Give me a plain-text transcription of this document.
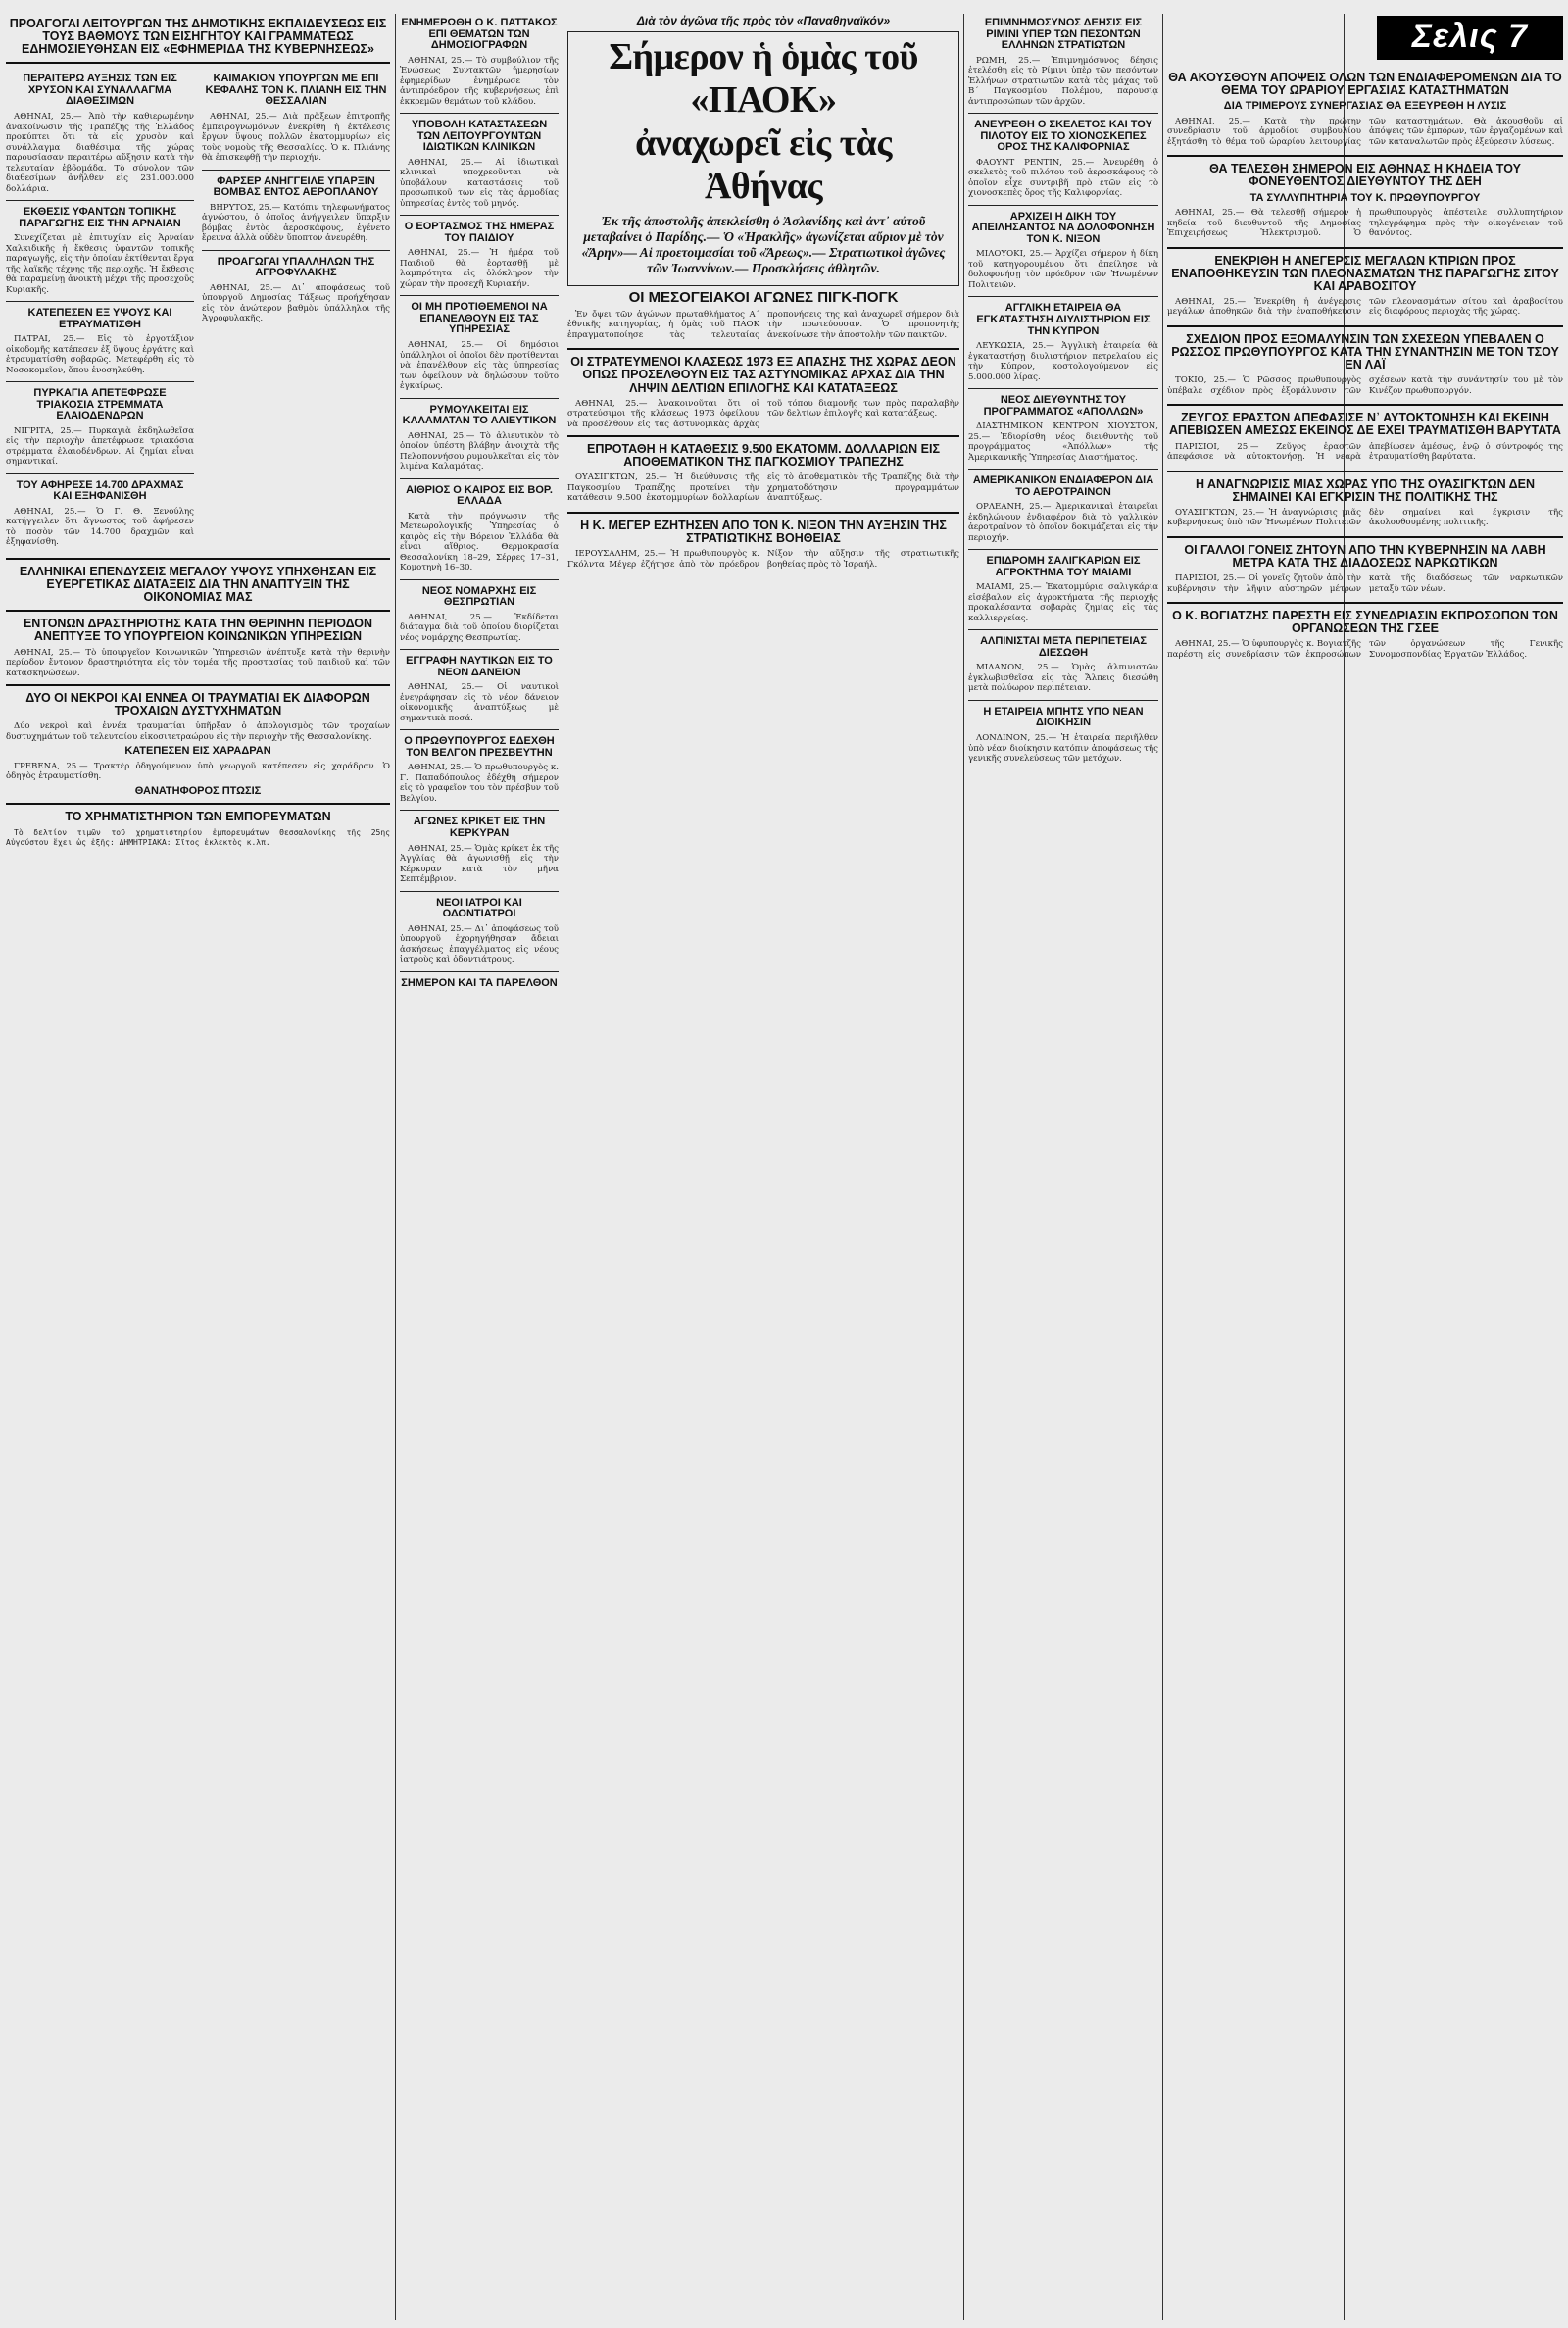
ΠΡΟΑΓΟΓΑΙ ΛΕΙΤΟΥΡΓΩΝ ΤΗΣ ΔΗΜΟΤΙΚΗΣ ΕΚΠΑΙΔΕΥΣΕΩΣ ΕΙΣ ΤΟΥΣ ΒΑΘΜΟΥΣ ΤΩΝ ΕΙΣΗΓΗΤΟΥ ΚΑΙ ΓΡΑΜΜΑΤΕΩΣ ΕΔΗΜΟΣΙΕΥΘΗΣΑΝ ΕΙΣ «ΕΦΗΜΕΡΙΔΑ ΤΗΣ ΚΥΒΕΡΝΗΣΕΩΣ»
ΠΕΡΑΙΤΕΡΩ ΑΥΞΗΣΙΣ ΤΩΝ ΕΙΣ ΧΡΥΣΟΝ ΚΑΙ ΣΥΝΑΛΛΑΓΜΑ ΔΙΑΘΕΣΙΜΩΝ

ΑΘΗΝΑΙ, 25.— Ἀπὸ τὴν καθιερωμένην ἀνακοίνωσιν τῆς Τραπέζης τῆς Ἑλλάδος προκύπτει ὅτι τὰ εἰς χρυσὸν καὶ συνάλλαγμα διαθέσιμα τῆς χώρας παρουσίασαν περαιτέρω αὔξησιν κατὰ τὴν τελευταίαν ἑβδομάδα. Τὸ σύνολον τῶν διαθεσίμων ἀνῆλθεν εἰς 231.000.000 δολλάρια.

ΕΚΘΕΣΙΣ ΥΦΑΝΤΩΝ ΤΟΠΙΚΗΣ ΠΑΡΑΓΩΓΗΣ ΕΙΣ ΤΗΝ ΑΡΝΑΙΑΝ

Συνεχίζεται μὲ ἐπιτυχίαν εἰς Ἀρναίαν Χαλκιδικῆς ἡ ἔκθεσις ὑφαντῶν τοπικῆς παραγωγῆς, εἰς τὴν ὁποίαν ἐκτίθενται ἔργα τῆς λαϊκῆς τέχνης τῆς περιοχῆς. Ἡ ἔκθεσις θὰ παραμείνῃ ἀνοικτὴ μέχρι τῆς προσεχοῦς Κυριακῆς.

ΚΑΤΕΠΕΣΕΝ ΕΞ ΥΨΟΥΣ ΚΑΙ ΕΤΡΑΥΜΑΤΙΣΘΗ

ΠΑΤΡΑΙ, 25.— Εἰς τὸ ἐργοτάξιον οἰκοδομῆς κατέπεσεν ἐξ ὕψους ἐργάτης καὶ ἐτραυματίσθη σοβαρῶς. Μετεφέρθη εἰς τὸ Νοσοκομεῖον, ὅπου ἐνοσηλεύθη.

ΠΥΡΚΑΓΙΑ ΑΠΕΤΕΦΡΩΣΕ ΤΡΙΑΚΟΣΙΑ ΣΤΡΕΜΜΑΤΑ ΕΛΑΙΟΔΕΝΔΡΩΝ

ΝΙΓΡΙΤΑ, 25.— Πυρκαγιὰ ἐκδηλωθεῖσα εἰς τὴν περιοχὴν ἀπετέφρωσε τριακόσια στρέμματα ἐλαιοδένδρων. Αἱ ζημίαι εἶναι σημαντικαί.

ΤΟΥ ΑΦΗΡΕΣΕ 14.700 ΔΡΑΧΜΑΣ ΚΑΙ ΕΞΗΦΑΝΙΣΘΗ

ΑΘΗΝΑΙ, 25.— Ὁ Γ. Θ. Ξενούλης κατήγγειλεν ὅτι ἄγνωστος τοῦ ἀφήρεσεν τὸ ποσὸν τῶν 14.700 δραχμῶν καὶ ἐξηφανίσθη.

ΚΑΙΜΑΚΙΟΝ ΥΠΟΥΡΓΩΝ ΜΕ ΕΠΙ ΚΕΦΑΛΗΣ ΤΟΝ Κ. ΠΛΙΑΝΗ ΕΙΣ ΤΗΝ ΘΕΣΣΑΛΙΑΝ

ΑΘΗΝΑΙ, 25.— Διὰ πρᾶξεων ἐπιτροπῆς ἐμπειρογνωμόνων ἐνεκρίθη ἡ ἐκτέλεσις ἔργων ὕψους πολλῶν ἑκατομμυρίων εἰς τοὺς νομοὺς τῆς Θεσσαλίας. Ὁ κ. Πλιάνης θὰ ἐπισκεφθῇ τὴν περιοχήν.

ΦΑΡΣΕΡ ΑΝΗΓΓΕΙΛΕ ΥΠΑΡΞΙΝ ΒΟΜΒΑΣ ΕΝΤΟΣ ΑΕΡΟΠΛΑΝΟΥ

ΒΗΡΥΤΟΣ, 25.— Κατόπιν τηλεφωνήματος ἀγνώστου, ὁ ὁποῖος ἀνήγγειλεν ὕπαρξιν βόμβας ἐντὸς ἀεροσκάφους, ἐγένετο ἔρευνα ἀλλὰ οὐδὲν ὕποπτον ἀνευρέθη.

ΠΡΟΑΓΩΓΑΙ ΥΠΑΛΛΗΛΩΝ ΤΗΣ ΑΓΡΟΦΥΛΑΚΗΣ

ΑΘΗΝΑΙ, 25.— Δι᾽ ἀποφάσεως τοῦ ὑπουργοῦ Δημοσίας Τάξεως προήχθησαν εἰς τὸν ἀνώτερον βαθμὸν ὑπάλληλοι τῆς Ἀγροφυλακῆς.

ΕΛΛΗΝΙΚΑΙ ΕΠΕΝΔΥΣΕΙΣ ΜΕΓΑΛΟΥ ΥΨΟΥΣ ΥΠΗΧΘΗΣΑΝ ΕΙΣ ΕΥΕΡΓΕΤΙΚΑΣ ΔΙΑΤΑΞΕΙΣ ΔΙΑ ΤΗΝ ΑΝΑΠΤΥΞΙΝ ΤΗΣ ΟΙΚΟΝΟΜΙΑΣ ΜΑΣ
ΕΝΤΟΝΩΝ ΔΡΑΣΤΗΡΙΟΤΗΣ ΚΑΤΑ ΤΗΝ ΘΕΡΙΝΗΝ ΠΕΡΙΟΔΟΝ ΑΝΕΠΤΥΞΕ ΤΟ ΥΠΟΥΡΓΕΙΟΝ ΚΟΙΝΩΝΙΚΩΝ ΥΠΗΡΕΣΙΩΝ

ΑΘΗΝΑΙ, 25.— Τὸ ὑπουργεῖον Κοινωνικῶν Ὑπηρεσιῶν ἀνέπτυξε κατὰ τὴν θερινὴν περίοδον ἔντονον δραστηριότητα εἰς τὸν τομέα τῆς προστασίας τοῦ παιδιοῦ καὶ τῶν κατασκηνώσεων.

ΔΥΟ ΟΙ ΝΕΚΡΟΙ ΚΑΙ ΕΝΝΕΑ ΟΙ ΤΡΑΥΜΑΤΙΑΙ ΕΚ ΔΙΑΦΟΡΩΝ ΤΡΟΧΑΙΩΝ ΔΥΣΤΥΧΗΜΑΤΩΝ

Δύο νεκροὶ καὶ ἐννέα τραυματίαι ὑπῆρξαν ὁ ἀπολογισμὸς τῶν τροχαίων δυστυχημάτων τοῦ τελευταίου εἰκοσιτετραώρου εἰς τὴν περιοχὴν τῆς Θεσσαλονίκης.

ΚΑΤΕΠΕΣΕΝ ΕΙΣ ΧΑΡΑΔΡΑΝ

ΓΡΕΒΕΝΑ, 25.— Τρακτὲρ ὁδηγούμενον ὑπὸ γεωργοῦ κατέπεσεν εἰς χαράδραν. Ὁ ὁδηγὸς ἐτραυματίσθη.

ΘΑΝΑΤΗΦΟΡΟΣ ΠΤΩΣΙΣ
ΤΟ ΧΡΗΜΑΤΙΣΤΗΡΙΟΝ ΤΩΝ ΕΜΠΟΡΕΥΜΑΤΩΝ

Τὸ δελτίον τιμῶν τοῦ χρηματιστηρίου ἐμπορευμάτων Θεσσαλονίκης τῆς 25ης Αὐγούστου ἔχει ὡς ἑξῆς: ΔΗΜΗΤΡΙΑΚΑ: Σῖτος ἐκλεκτὸς κ.λπ.

ΕΝΗΜΕΡΩΘΗ Ο Κ. ΠΑΤΤΑΚΟΣ ΕΠΙ ΘΕΜΑΤΩΝ ΤΩΝ ΔΗΜΟΣΙΟΓΡΑΦΩΝ

ΑΘΗΝΑΙ, 25.— Τὸ συμβούλιον τῆς Ἑνώσεως Συντακτῶν ἡμερησίων ἐφημερίδων ἐνημέρωσε τὸν ἀντιπρόεδρον τῆς κυβερνήσεως ἐπὶ ἐκκρεμῶν θεμάτων τοῦ κλάδου.

ΥΠΟΒΟΛΗ ΚΑΤΑΣΤΑΣΕΩΝ ΤΩΝ ΛΕΙΤΟΥΡΓΟΥΝΤΩΝ ΙΔΙΩΤΙΚΩΝ ΚΛΙΝΙΚΩΝ

ΑΘΗΝΑΙ, 25.— Αἱ ἰδιωτικαὶ κλινικαὶ ὑποχρεοῦνται νὰ ὑποβάλουν καταστάσεις τοῦ προσωπικοῦ των εἰς τὰς ἁρμοδίας ὑπηρεσίας ἐντὸς τοῦ μηνός.

Ο ΕΟΡΤΑΣΜΟΣ ΤΗΣ ΗΜΕΡΑΣ ΤΟΥ ΠΑΙΔΙΟΥ

ΑΘΗΝΑΙ, 25.— Ἡ ἡμέρα τοῦ Παιδιοῦ θὰ ἑορτασθῇ μὲ λαμπρότητα εἰς ὁλόκληρον τὴν χώραν τὴν προσεχῆ Κυριακήν.

ΟΙ ΜΗ ΠΡΟΤΙΘΕΜΕΝΟΙ ΝΑ ΕΠΑΝΕΛΘΟΥΝ ΕΙΣ ΤΑΣ ΥΠΗΡΕΣΙΑΣ

ΑΘΗΝΑΙ, 25.— Οἱ δημόσιοι ὑπάλληλοι οἱ ὁποῖοι δὲν προτίθενται νὰ ἐπανέλθουν εἰς τὰς ὑπηρεσίας των ὀφείλουν νὰ δηλώσουν τοῦτο ἐγκαίρως.

ΡΥΜΟΥΛΚΕΙΤΑΙ ΕΙΣ ΚΑΛΑΜΑΤΑΝ ΤΟ ΑΛΙΕΥΤΙΚΟΝ

ΑΘΗΝΑΙ, 25.— Τὸ ἁλιευτικὸν τὸ ὁποῖον ὑπέστη βλάβην ἀνοιχτὰ τῆς Πελοποννήσου ρυμουλκεῖται εἰς τὸν λιμένα Καλαμάτας.

ΑΙΘΡΙΟΣ Ο ΚΑΙΡΟΣ ΕΙΣ ΒΟΡ. ΕΛΛΑΔΑ

Κατὰ τὴν πρόγνωσιν τῆς Μετεωρολογικῆς Ὑπηρεσίας ὁ καιρὸς εἰς τὴν Βόρειον Ἑλλάδα θὰ εἶναι αἴθριος. Θερμοκρασία Θεσσαλονίκη 18–29, Σέρρες 17–31, Κομοτηνὴ 16–30.

ΝΕΟΣ ΝΟΜΑΡΧΗΣ ΕΙΣ ΘΕΣΠΡΩΤΙΑΝ

ΑΘΗΝΑΙ, 25.— Ἐκδίδεται διάταγμα διὰ τοῦ ὁποίου διορίζεται νέος νομάρχης Θεσπρωτίας.

ΕΓΓΡΑΦΗ ΝΑΥΤΙΚΩΝ ΕΙΣ ΤΟ ΝΕΟΝ ΔΑΝΕΙΟΝ

ΑΘΗΝΑΙ, 25.— Οἱ ναυτικοὶ ἐνεγράφησαν εἰς τὸ νέον δάνειον οἰκονομικῆς ἀναπτύξεως μὲ σημαντικὰ ποσά.

Ο ΠΡΩΘΥΠΟΥΡΓΟΣ ΕΔΕΧΘΗ ΤΟΝ ΒΕΛΓΟΝ ΠΡΕΣΒΕΥΤΗΝ

ΑΘΗΝΑΙ, 25.— Ὁ πρωθυπουργὸς κ. Γ. Παπαδόπουλος ἐδέχθη σήμερον εἰς τὸ γραφεῖον του τὸν πρέσβυν τοῦ Βελγίου.

ΑΓΩΝΕΣ ΚΡΙΚΕΤ ΕΙΣ ΤΗΝ ΚΕΡΚΥΡΑΝ

ΑΘΗΝΑΙ, 25.— Ὁμὰς κρίκετ ἐκ τῆς Ἀγγλίας θὰ ἀγωνισθῇ εἰς τὴν Κέρκυραν κατὰ τὸν μῆνα Σεπτέμβριον.

ΝΕΟΙ ΙΑΤΡΟΙ ΚΑΙ ΟΔΟΝΤΙΑΤΡΟΙ

ΑΘΗΝΑΙ, 25.— Δι᾽ ἀποφάσεως τοῦ ὑπουργοῦ ἐχορηγήθησαν ἄδειαι ἀσκήσεως ἐπαγγέλματος εἰς νέους ἰατροὺς καὶ ὀδοντιάτρους.

ΣΗΜΕΡΟΝ ΚΑΙ ΤΑ ΠΑΡΕΛΘΟΝ
Διὰ τὸν ἀγῶνα τῆς πρὸς τὸν «Παναθηναϊκόν»
Σήμερον ἡ ὁμὰς τοῦ «ΠΑΟΚ»
ἀναχωρεῖ εἰς τὰς Ἀθήνας
Ἐκ τῆς ἀποστολῆς ἀπεκλείσθη ὁ Ἀσλανίδης καὶ ἀντ᾽ αὐτοῦ μεταβαίνει ὁ Παρίδης.— Ὁ «Ἡρακλῆς» ἀγωνίζεται αὔριον μὲ τὸν «Ἄρην»— Αἱ προετοιμασίαι τοῦ «Ἄρεως».— Στρατιωτικοὶ ἀγῶνες τῶν Ἰωαννίνων.— Προσκλήσεις ἀθλητῶν.
ΟΙ ΜΕΣΟΓΕΙΑΚΟΙ ΑΓΩΝΕΣ ΠΙΓΚ-ΠΟΓΚ

Ἐν ὄψει τῶν ἀγώνων πρωταθλήματος Α΄ ἐθνικῆς κατηγορίας, ἡ ὁμὰς τοῦ ΠΑΟΚ ἐπραγματοποίησε τὰς τελευταίας προπονήσεις της καὶ ἀναχωρεῖ σήμερον διὰ τὴν πρωτεύουσαν. Ὁ προπονητὴς ἀνεκοίνωσε τὴν ἀποστολὴν τῶν παικτῶν.

ΟΙ ΣΤΡΑΤΕΥΜΕΝΟΙ ΚΛΑΣΕΩΣ 1973 ΕΞ ΑΠΑΣΗΣ ΤΗΣ ΧΩΡΑΣ ΔΕΟΝ ΟΠΩΣ ΠΡΟΣΕΛΘΟΥΝ ΕΙΣ ΤΑΣ ΑΣΤΥΝΟΜΙΚΑΣ ΑΡΧΑΣ ΔΙΑ ΤΗΝ ΛΗΨΙΝ ΔΕΛΤΙΩΝ ΕΠΙΛΟΓΗΣ ΚΑΙ ΚΑΤΑΤΑΞΕΩΣ

ΑΘΗΝΑΙ, 25.— Ἀνακοινοῦται ὅτι οἱ στρατεύσιμοι τῆς κλάσεως 1973 ὀφείλουν νὰ προσέλθουν εἰς τὰς ἀστυνομικὰς ἀρχὰς τοῦ τόπου διαμονῆς των πρὸς παραλαβὴν τῶν δελτίων ἐπιλογῆς καὶ κατατάξεως.

ΕΠΡΟΤΑΘΗ Η ΚΑΤΑΘΕΣΙΣ 9.500 ΕΚΑΤΟΜΜ. ΔΟΛΛΑΡΙΩΝ ΕΙΣ ΑΠΟΘΕΜΑΤΙΚΟΝ ΤΗΣ ΠΑΓΚΟΣΜΙΟΥ ΤΡΑΠΕΖΗΣ

ΟΥΑΣΙΓΚΤΩΝ, 25.— Ἡ διεύθυνσις τῆς Παγκοσμίου Τραπέζης προτείνει τὴν κατάθεσιν 9.500 ἑκατομμυρίων δολλαρίων εἰς τὸ ἀποθεματικὸν τῆς Τραπέζης διὰ τὴν χρηματοδότησιν προγραμμάτων ἀναπτύξεως.

Η Κ. ΜΕΓΕΡ ΕΖΗΤΗΣΕΝ ΑΠΟ ΤΟΝ Κ. ΝΙΞΟΝ ΤΗΝ ΑΥΞΗΣΙΝ ΤΗΣ ΣΤΡΑΤΙΩΤΙΚΗΣ ΒΟΗΘΕΙΑΣ

ΙΕΡΟΥΣΑΛΗΜ, 25.— Ἡ πρωθυπουργὸς κ. Γκόλντα Μέγερ ἐζήτησε ἀπὸ τὸν πρόεδρον Νίξον τὴν αὔξησιν τῆς στρατιωτικῆς βοηθείας πρὸς τὸ Ἰσραήλ.

ΕΠΙΜΝΗΜΟΣΥΝΟΣ ΔΕΗΣΙΣ ΕΙΣ ΡΙΜΙΝΙ ΥΠΕΡ ΤΩΝ ΠΕΣΟΝΤΩΝ ΕΛΛΗΝΩΝ ΣΤΡΑΤΙΩΤΩΝ

ΡΩΜΗ, 25.— Ἐπιμνημόσυνος δέησις ἐτελέσθη εἰς τὸ Ρίμινι ὑπὲρ τῶν πεσόντων Ἑλλήνων στρατιωτῶν κατὰ τὰς μάχας τοῦ Β΄ Παγκοσμίου Πολέμου, παρουσίᾳ ἀντιπροσώπων τῶν ἀρχῶν.

ΑΝΕΥΡΕΘΗ Ο ΣΚΕΛΕΤΟΣ ΚΑΙ ΤΟΥ ΠΙΛΟΤΟΥ ΕΙΣ ΤΟ ΧΙΟΝΟΣΚΕΠΕΣ ΟΡΟΣ ΤΗΣ ΚΑΛΙΦΟΡΝΙΑΣ

ΦΑΟΥΝΤ ΡΕΝΤΙΝ, 25.— Ἀνευρέθη ὁ σκελετὸς τοῦ πιλότου τοῦ ἀεροσκάφους τὸ ὁποῖον εἶχε συντριβῆ πρὸ ἐτῶν εἰς τὸ χιονοσκεπὲς ὄρος τῆς Καλιφορνίας.

ΑΡΧΙΖΕΙ Η ΔΙΚΗ ΤΟΥ ΑΠΕΙΛΗΣΑΝΤΟΣ ΝΑ ΔΟΛΟΦΟΝΗΣΗ ΤΟΝ Κ. ΝΙΞΟΝ

ΜΙΛΟΥΟΚΙ, 25.— Ἀρχίζει σήμερον ἡ δίκη τοῦ κατηγορουμένου ὅτι ἀπείλησε νὰ δολοφονήσῃ τὸν πρόεδρον τῶν Ἡνωμένων Πολιτειῶν.

ΑΓΓΛΙΚΗ ΕΤΑΙΡΕΙΑ ΘΑ ΕΓΚΑΤΑΣΤΗΣΗ ΔΙΥΛΙΣΤΗΡΙΟΝ ΕΙΣ ΤΗΝ ΚΥΠΡΟΝ

ΛΕΥΚΩΣΙΑ, 25.— Ἀγγλικὴ ἑταιρεία θὰ ἐγκαταστήσῃ διυλιστήριον πετρελαίου εἰς τὴν Κύπρον, κοστολογούμενον εἰς 5.000.000 λίρας.

ΝΕΟΣ ΔΙΕΥΘΥΝΤΗΣ ΤΟΥ ΠΡΟΓΡΑΜΜΑΤΟΣ «ΑΠΟΛΛΩΝ»

ΔΙΑΣΤΗΜΙΚΟΝ ΚΕΝΤΡΟΝ ΧΙΟΥΣΤΟΝ, 25.— Ἐδιορίσθη νέος διευθυντὴς τοῦ προγράμματος «Ἀπόλλων» τῆς Ἀμερικανικῆς Ὑπηρεσίας Διαστήματος.

ΑΜΕΡΙΚΑΝΙΚΟΝ ΕΝΔΙΑΦΕΡΟΝ ΔΙΑ ΤΟ ΑΕΡΟΤΡΑΙΝΟΝ

ΟΡΛΕΑΝΗ, 25.— Ἀμερικανικαὶ ἑταιρεῖαι ἐκδηλώνουν ἐνδιαφέρον διὰ τὸ γαλλικὸν ἀεροτραῖνον τὸ ὁποῖον δοκιμάζεται εἰς τὴν περιοχήν.

ΕΠΙΔΡΟΜΗ ΣΑΛΙΓΚΑΡΙΩΝ ΕΙΣ ΑΓΡΟΚΤΗΜΑ ΤΟΥ ΜΑΙΑΜΙ

ΜΑΙΑΜΙ, 25.— Ἑκατομμύρια σαλιγκάρια εἰσέβαλον εἰς ἀγροκτήματα τῆς περιοχῆς προκαλέσαντα σοβαρὰς ζημίας εἰς τὰς καλλιεργείας.

ΑΛΠΙΝΙΣΤΑΙ ΜΕΤΑ ΠΕΡΙΠΕΤΕΙΑΣ ΔΙΕΣΩΘΗ

ΜΙΛΑΝΟΝ, 25.— Ὁμὰς ἀλπινιστῶν ἐγκλωβισθεῖσα εἰς τὰς Ἄλπεις διεσώθη μετὰ πολύωρον περιπέτειαν.

Η ΕΤΑΙΡΕΙΑ ΜΠΗΤΣ ΥΠΟ ΝΕΑΝ ΔΙΟΙΚΗΣΙΝ

ΛΟΝΔΙΝΟΝ, 25.— Ἡ ἑταιρεία περιῆλθεν ὑπὸ νέαν διοίκησιν κατόπιν ἀποφάσεως τῆς γενικῆς συνελεύσεως τῶν μετόχων.

Σελις 7
ΘΑ ΑΚΟΥΣΘΟΥΝ ΑΠΟΨΕΙΣ ΟΛΩΝ ΤΩΝ ΕΝΔΙΑΦΕΡΟΜΕΝΩΝ ΔΙΑ ΤΟ ΘΕΜΑ ΤΟΥ ΩΡΑΡΙΟΥ ΕΡΓΑΣΙΑΣ ΚΑΤΑΣΤΗΜΑΤΩΝ
ΔΙΑ ΤΡΙΜΕΡΟΥΣ ΣΥΝΕΡΓΑΣΙΑΣ ΘΑ ΕΞΕΥΡΕΘΗ Η ΛΥΣΙΣ

ΑΘΗΝΑΙ, 25.— Κατὰ τὴν πρώτην συνεδρίασιν τοῦ ἁρμοδίου συμβουλίου ἐξητάσθη τὸ θέμα τοῦ ὡραρίου λειτουργίας τῶν καταστημάτων. Θὰ ἀκουσθοῦν αἱ ἀπόψεις τῶν ἐμπόρων, τῶν ἐργαζομένων καὶ τῶν καταναλωτῶν πρὸς ἐξεύρεσιν λύσεως.

ΘΑ ΤΕΛΕΣΘΗ ΣΗΜΕΡΟΝ ΕΙΣ ΑΘΗΝΑΣ Η ΚΗΔΕΙΑ ΤΟΥ ΦΟΝΕΥΘΕΝΤΟΣ ΔΙΕΥΘΥΝΤΟΥ ΤΗΣ ΔΕΗ
ΤΑ ΣΥΛΛΥΠΗΤΗΡΙΑ ΤΟΥ Κ. ΠΡΩΘΥΠΟΥΡΓΟΥ

ΑΘΗΝΑΙ, 25.— Θὰ τελεσθῇ σήμερον ἡ κηδεία τοῦ διευθυντοῦ τῆς Δημοσίας Ἐπιχειρήσεως Ἠλεκτρισμοῦ. Ὁ πρωθυπουργὸς ἀπέστειλε συλλυπητήριον τηλεγράφημα πρὸς τὴν οἰκογένειαν τοῦ θανόντος.

ΕΝΕΚΡΙΘΗ Η ΑΝΕΓΕΡΣΙΣ ΜΕΓΑΛΩΝ ΚΤΙΡΙΩΝ ΠΡΟΣ ΕΝΑΠΟΘΗΚΕΥΣΙΝ ΤΩΝ ΠΛΕΟΝΑΣΜΑΤΩΝ ΤΗΣ ΠΑΡΑΓΩΓΗΣ ΣΙΤΟΥ ΚΑΙ ΑΡΑΒΟΣΙΤΟΥ

ΑΘΗΝΑΙ, 25.— Ἐνεκρίθη ἡ ἀνέγερσις μεγάλων ἀποθηκῶν διὰ τὴν ἐναποθήκευσιν τῶν πλεονασμάτων σίτου καὶ ἀραβοσίτου εἰς διαφόρους περιοχὰς τῆς χώρας.

ΣΧΕΔΙΟΝ ΠΡΟΣ ΕΞΟΜΑΛΥΝΣΙΝ ΤΩΝ ΣΧΕΣΕΩΝ ΥΠΕΒΑΛΕΝ Ο ΡΩΣΣΟΣ ΠΡΩΘΥΠΟΥΡΓΟΣ ΚΑΤΑ ΤΗΝ ΣΥΝΑΝΤΗΣΙΝ ΜΕ ΤΟΝ ΤΣΟΥ ΕΝ ΛΑΪ

ΤΟΚΙΟ, 25.— Ὁ Ρῶσσος πρωθυπουργὸς ὑπέβαλε σχέδιον πρὸς ἐξομάλυνσιν τῶν σχέσεων κατὰ τὴν συνάντησίν του μὲ τὸν Κινέζον πρωθυπουργόν.

ΖΕΥΓΟΣ ΕΡΑΣΤΩΝ ΑΠΕΦΑΣΙΣΕ Ν᾽ ΑΥΤΟΚΤΟΝΗΣΗ ΚΑΙ ΕΚΕΙΝΗ ΑΠΕΒΙΩΣΕΝ ΑΜΕΣΩΣ ΕΚΕΙΝΟΣ ΔΕ ΕΧΕΙ ΤΡΑΥΜΑΤΙΣΘΗ ΒΑΡΥΤΑΤΑ

ΠΑΡΙΣΙΟΙ, 25.— Ζεῦγος ἐραστῶν ἀπεφάσισε νὰ αὐτοκτονήσῃ. Ἡ νεαρὰ ἀπεβίωσεν ἀμέσως, ἐνῷ ὁ σύντροφός της ἐτραυματίσθη βαρύτατα.

Η ΑΝΑΓΝΩΡΙΣΙΣ ΜΙΑΣ ΧΩΡΑΣ ΥΠΟ ΤΗΣ ΟΥΑΣΙΓΚΤΩΝ ΔΕΝ ΣΗΜΑΙΝΕΙ ΚΑΙ ΕΓΚΡΙΣΙΝ ΤΗΣ ΠΟΛΙΤΙΚΗΣ ΤΗΣ

ΟΥΑΣΙΓΚΤΩΝ, 25.— Ἡ ἀναγνώρισις μιᾶς κυβερνήσεως ὑπὸ τῶν Ἡνωμένων Πολιτειῶν δὲν σημαίνει καὶ ἔγκρισιν τῆς ἀκολουθουμένης πολιτικῆς.

ΟΙ ΓΑΛΛΟΙ ΓΟΝΕΙΣ ΖΗΤΟΥΝ ΑΠΟ ΤΗΝ ΚΥΒΕΡΝΗΣΙΝ ΝΑ ΛΑΒΗ ΜΕΤΡΑ ΚΑΤΑ ΤΗΣ ΔΙΑΔΟΣΕΩΣ ΝΑΡΚΩΤΙΚΩΝ

ΠΑΡΙΣΙΟΙ, 25.— Οἱ γονεῖς ζητοῦν ἀπὸ τὴν κυβέρνησιν τὴν λῆψιν αὐστηρῶν μέτρων κατὰ τῆς διαδόσεως τῶν ναρκωτικῶν μεταξὺ τῶν νέων.

Ο Κ. ΒΟΓΙΑΤΖΗΣ ΠΑΡΕΣΤΗ ΕΙΣ ΣΥΝΕΔΡΙΑΣΙΝ ΕΚΠΡΟΣΩΠΩΝ ΤΩΝ ΟΡΓΑΝΩΣΕΩΝ ΤΗΣ ΓΣΕΕ

ΑΘΗΝΑΙ, 25.— Ὁ ὑφυπουργὸς κ. Βογιατζῆς παρέστη εἰς συνεδρίασιν τῶν ἐκπροσώπων τῶν ὀργανώσεων τῆς Γενικῆς Συνομοσπονδίας Ἐργατῶν Ἑλλάδος.
